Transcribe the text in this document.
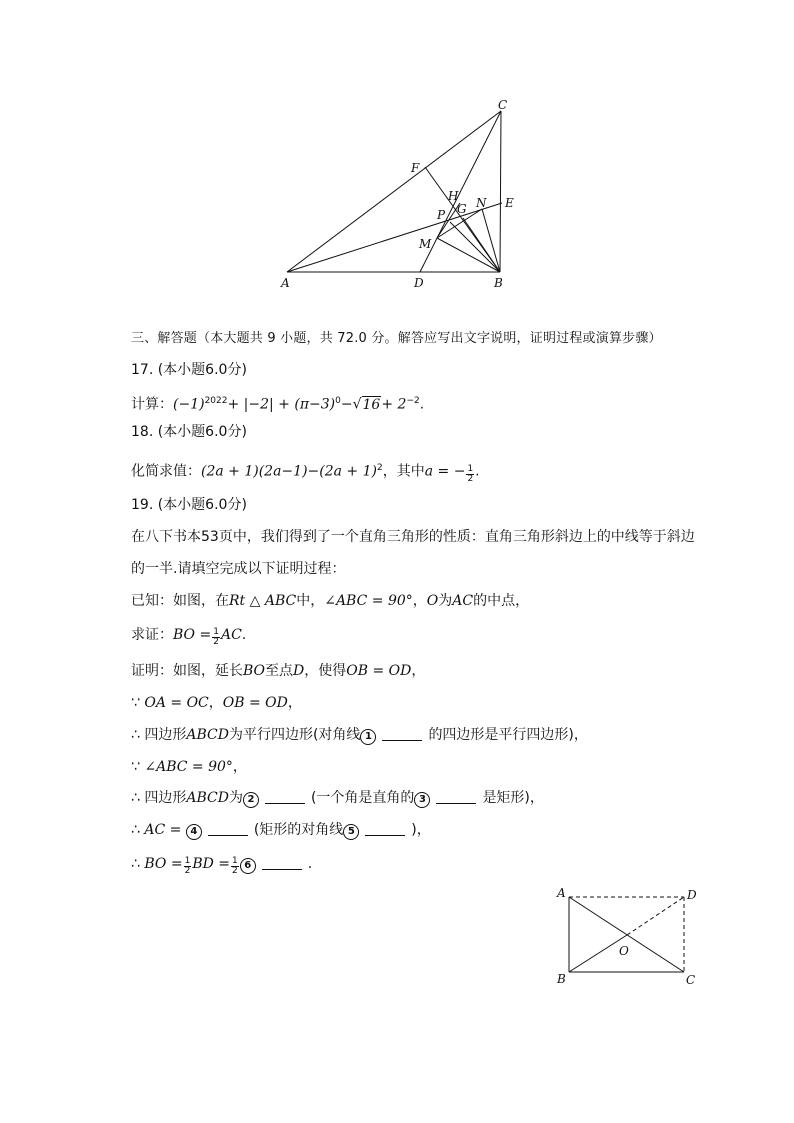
A	D	B
C
E
F
H
G
P
N
M
三、解答题（本大题共 9 小题，共 72.0 分。解答应写出文字说明，证明过程或演算步骤）
17. (本小题6.0分)
计算：$(-1)^{2022}+ |-2| + (\pi-3)^0-√16+ 2^{-2}$.
18. (本小题6.0分)
化简求值：$(2a + 1)(2a-1)-(2a + 1)^2$，其中a = − $\frac{1}{2}$ .
19. (本小题6.0分)
在八下书本53页中，我们得到了一个直角三角形的性质：直角三角形斜边上的中线等于斜边
的一半.请填空完成以下证明过程：
已知：如图，在Rt △ ABC中，∠ABC = 90°，O为AC的中点，
求证：BO = $\frac{1}{2}$ AC.
证明：如图，延长BO至点D，使得OB = OD，
∵ OA = OC，OB = OD，
∴ 四边形ABCD为平行四边形(对角线 1	的四边形是平行四边形)，
∵ ∠ABC = 90°，
∴ 四边形ABCD为 2	(一个角是直角的 3	是矩形)，
∴ AC = 4	(矩形的对角线 5	)，
∴ BO = $\frac{1}{2}$ BD = $\frac{1}{2} 6$	.
A	D
B	C
O
